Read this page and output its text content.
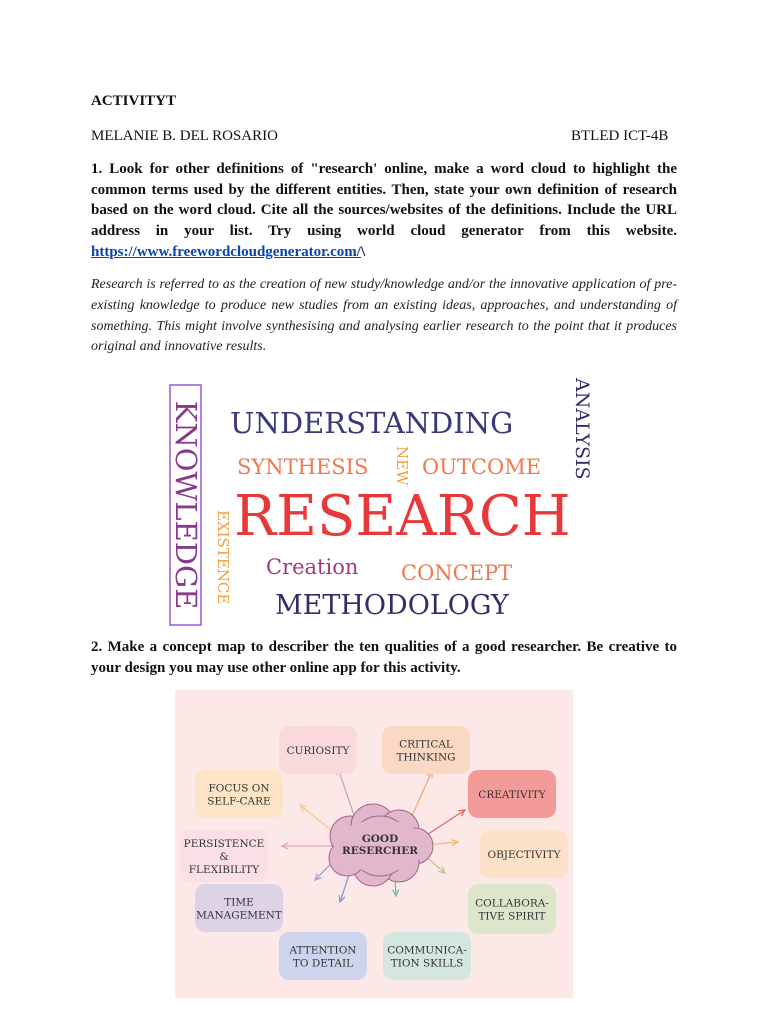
ACTIVITYT
MELANIE B. DEL ROSARIO	BTLED ICT-4B
1. Look for other definitions of "research' online, make a word cloud to highlight the common terms used by the different entities. Then, state your own definition of research based on the word cloud. Cite all the sources/websites of the definitions. Include the URL address in your list. Try using world cloud generator from this website. https://www.freewordcloudgenerator.com/\
Research is referred to as the creation of new study/knowledge and/or the innovative application of pre-existing knowledge to produce new studies from an existing ideas, approaches, and understanding of something. This might involve synthesising and analysing earlier research to the point that it produces original and innovative results.
KNOWLEDGE UNDERSTANDING
SYNTHESIS NEW OUTCOME ANALYSIS
RESEARCH
EXISTENCE Creation CONCEPT
METHODOLOGY
2. Make a concept map to describer the ten qualities of a good researcher. Be creative to your design you may use other online app for this activity.
CURIOSITY
CRITICAL
THINKING
CREATIVITY
OBJECTIVITY
COLLABORA-
TIVE SPIRIT
COMMUNICA-
TION SKILLS
ATTENTION
TO DETAIL
TIME
MANAGEMENT
PERSISTENCE
&
FLEXIBILITY
FOCUS ON
SELF-CARE
GOOD
RESERCHER
